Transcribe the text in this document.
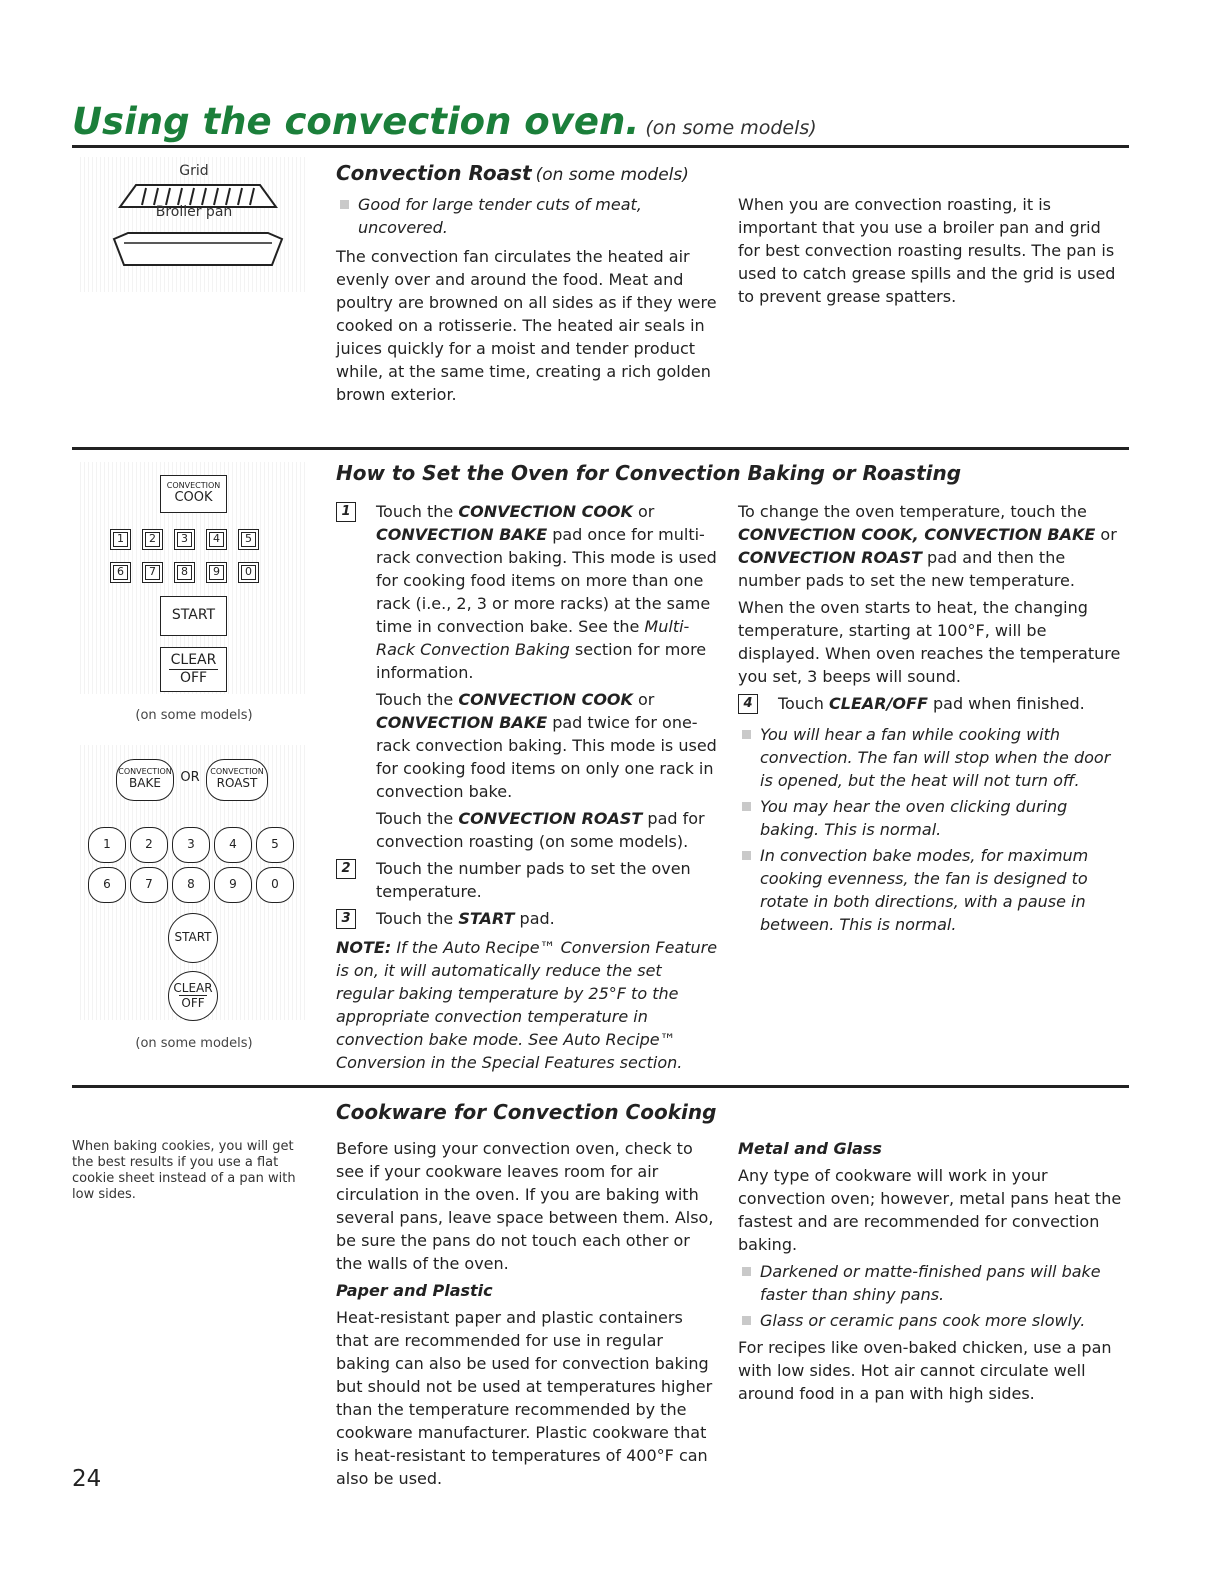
Using the convection oven. (on some models)
Grid
Broiler pan
Convection Roast (on some models)
Good for large tender cuts of meat, uncovered.

The convection fan circulates the heated air evenly over and around the food. Meat and poultry are browned on all sides as if they were cooked on a rotisserie. The heated air seals in juices quickly for a moist and tender product while, at the same time, creating a rich golden brown exterior.

When you are convection roasting, it is important that you use a broiler pan and grid for best convection roasting results. The pan is used to catch grease spills and the grid is used to prevent grease spatters.
CONVECTION
COOK
1	2	3	4	5
6	7	8	9	0
START
CLEAR
OFF
(on some models)
CONVECTION
BAKE	OR	CONVECTION
ROAST
1	2	3	4	5
6	7	8	9	0
START
CLEAR
OFF
(on some models)
How to Set the Oven for Convection Baking or Roasting
1	Touch the CONVECTION COOK or CONVECTION BAKE pad once for multi-rack convection baking. This mode is used for cooking food items on more than one rack (i.e., 2, 3 or more racks) at the same time in convection bake. See the Multi-Rack Convection Baking section for more information.

Touch the CONVECTION COOK or CONVECTION BAKE pad twice for one-rack convection baking. This mode is used for cooking food items on only one rack in convection bake.

Touch the CONVECTION ROAST pad for convection roasting (on some models).

2	Touch the number pads to set the oven temperature.

3	Touch the START pad.

NOTE: If the Auto Recipe™ Conversion Feature is on, it will automatically reduce the set regular baking temperature by 25°F to the appropriate convection temperature in convection bake mode. See Auto Recipe™ Conversion in the Special Features section.

To change the oven temperature, touch the CONVECTION COOK, CONVECTION BAKE or CONVECTION ROAST pad and then the number pads to set the new temperature.

When the oven starts to heat, the changing temperature, starting at 100°F, will be displayed. When oven reaches the temperature you set, 3 beeps will sound.

4	Touch CLEAR/OFF pad when finished.

You will hear a fan while cooking with convection. The fan will stop when the door is opened, but the heat will not turn off.
You may hear the oven clicking during baking. This is normal.
In convection bake modes, for maximum cooking evenness, the fan is designed to rotate in both directions, with a pause in between. This is normal.
Cookware for Convection Cooking
When baking cookies, you will get the best results if you use a flat cookie sheet instead of a pan with low sides.

Before using your convection oven, check to see if your cookware leaves room for air circulation in the oven. If you are baking with several pans, leave space between them. Also, be sure the pans do not touch each other or the walls of the oven.

Paper and Plastic

Heat-resistant paper and plastic containers that are recommended for use in regular baking can also be used for convection baking but should not be used at temperatures higher than the temperature recommended by the cookware manufacturer. Plastic cookware that is heat-resistant to temperatures of 400°F can also be used.

Metal and Glass

Any type of cookware will work in your convection oven; however, metal pans heat the fastest and are recommended for convection baking.

Darkened or matte-finished pans will bake faster than shiny pans.
Glass or ceramic pans cook more slowly.

For recipes like oven-baked chicken, use a pan with low sides. Hot air cannot circulate well around food in a pan with high sides.

24
